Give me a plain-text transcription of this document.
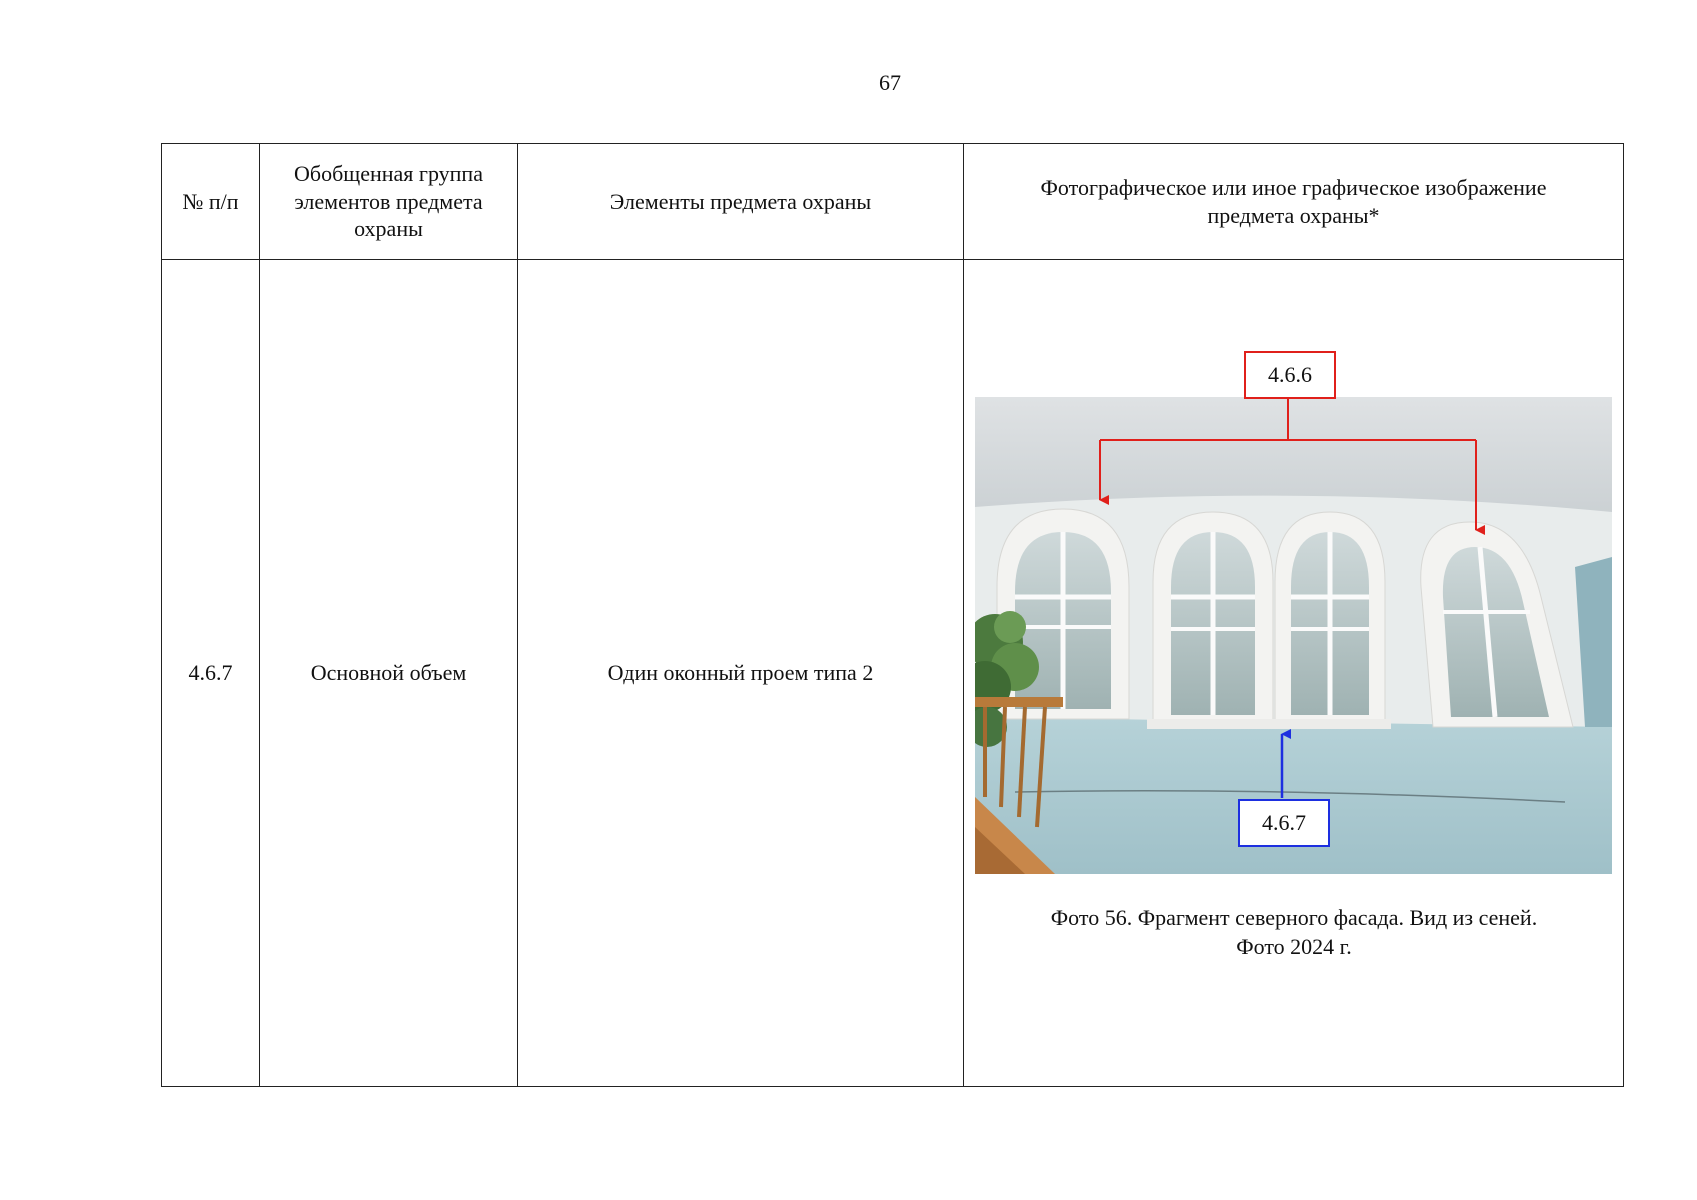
67
№ п/п	Обобщенная группа элементов предмета охраны	Элементы предмета охраны	Фотографическое или иное графическое изображение предмета охраны*
4.6.7	Основной объем	Один оконный проем типа 2	4.6.6
4.6.7
Фото 56. Фрагмент северного фасада. Вид из сеней.
Фото 2024 г.
